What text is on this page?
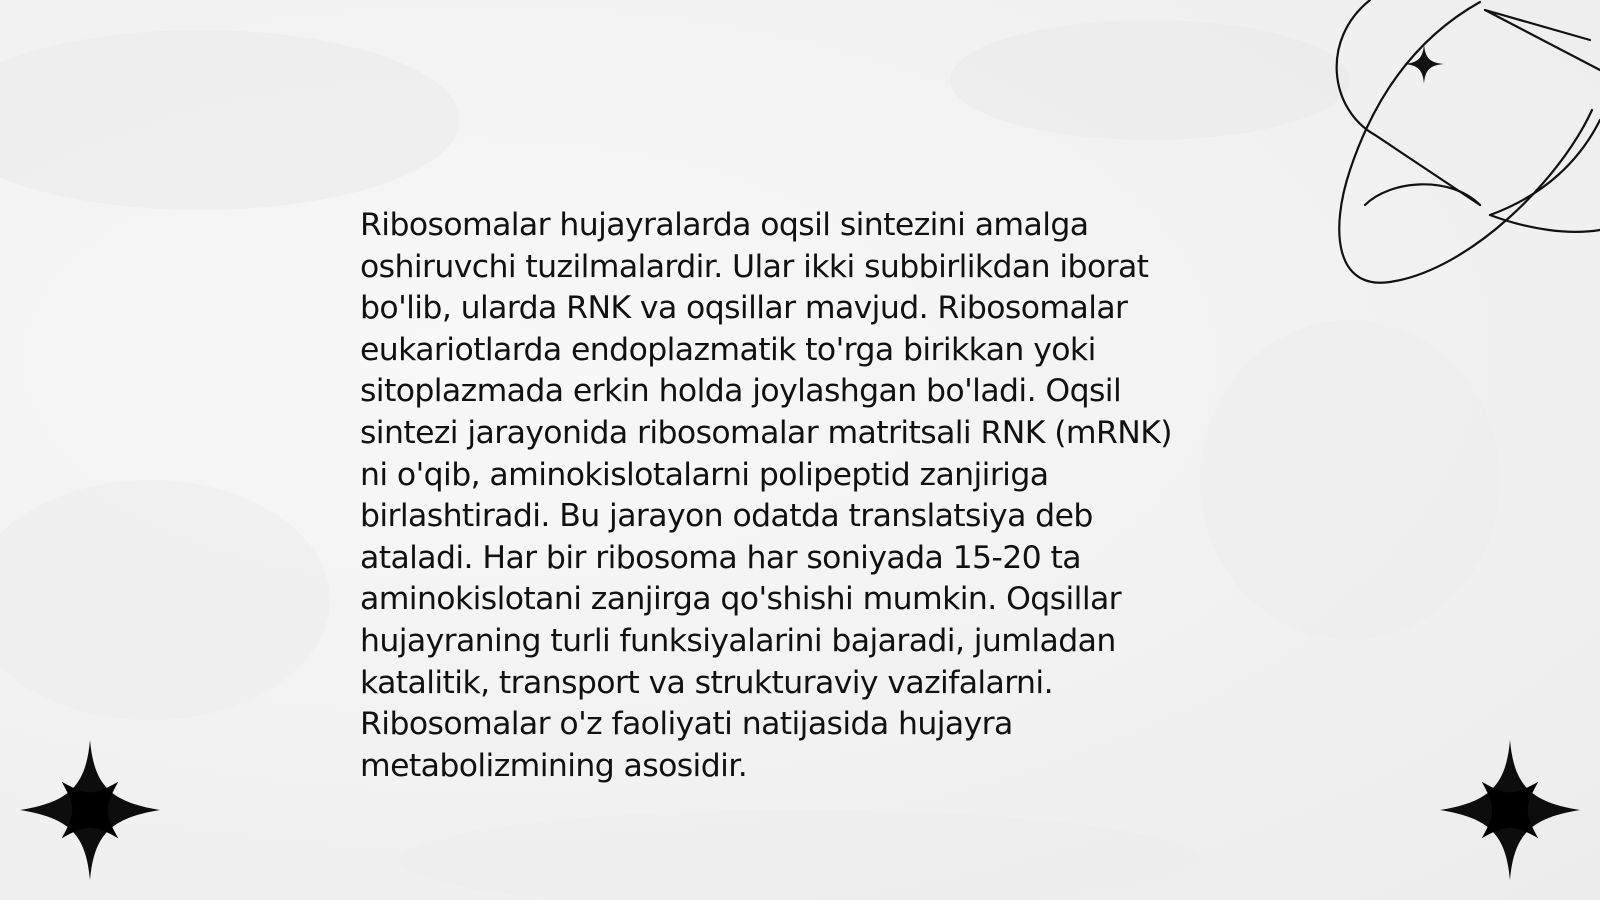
Ribosomalar hujayralarda oqsil sintezini amalga
oshiruvchi tuzilmalardir. Ular ikki subbirlikdan iborat
bo'lib, ularda RNK va oqsillar mavjud. Ribosomalar
eukariotlarda endoplazmatik to'rga birikkan yoki
sitoplazmada erkin holda joylashgan bo'ladi. Oqsil
sintezi jarayonida ribosomalar matritsali RNK (mRNK)
ni o'qib, aminokislotalarni polipeptid zanjiriga
birlashtiradi. Bu jarayon odatda translatsiya deb
ataladi. Har bir ribosoma har soniyada 15-20 ta
aminokislotani zanjirga qo'shishi mumkin. Oqsillar
hujayraning turli funksiyalarini bajaradi, jumladan
katalitik, transport va strukturaviy vazifalarni.
Ribosomalar o'z faoliyati natijasida hujayra
metabolizmining asosidir.
